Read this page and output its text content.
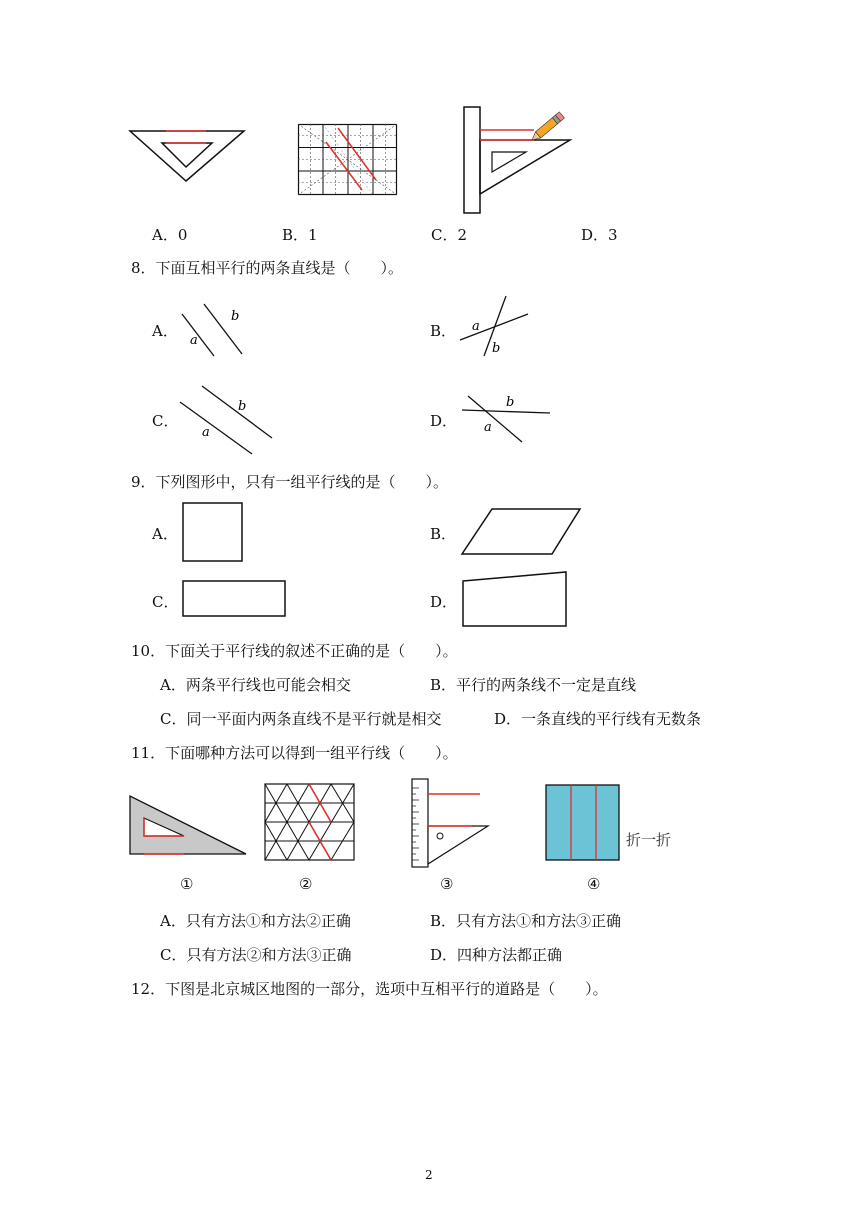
A．0	B．1	C．2	D．3
8．下面互相平行的两条直线是（　　）。
A．
a
b
B． a
b
C．
a
b
D． a
b
9．下列图形中，只有一组平行线的是（　　）。
A．	B．
C．	D．
10．下面关于平行线的叙述不正确的是（　　）。
A．两条平行线也可能会相交	B．平行的两条线不一定是直线
C．同一平面内两条直线不是平行就是相交	D．一条直线的平行线有无数条
11．下面哪种方法可以得到一组平行线（　　）。
折一折
①	②	③	④
A．只有方法①和方法②正确	B．只有方法①和方法③正确
C．只有方法②和方法③正确	D．四种方法都正确
12．下图是北京城区地图的一部分，选项中互相平行的道路是（　　）。
2
